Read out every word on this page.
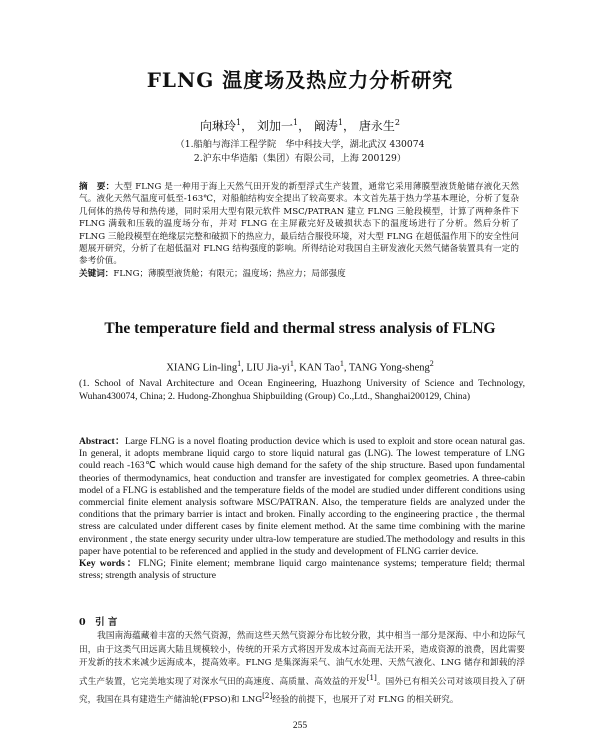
FLNG 温度场及热应力分析研究
向琳玲$^1$， 刘加一$^1$， 阚涛$^1$， 唐永生$^2$
（1.船舶与海洋工程学院　华中科技大学，湖北武汉 430074
2.沪东中华造船（集团）有限公司，上海 200129）
摘　要：大型 FLNG 是一种用于海上天然气田开发的新型浮式生产装置，通常它采用薄膜型液货舱储存液化天然气。液化天然气温度可低至-163℃，对船舶结构安全提出了较高要求。本文首先基于热力学基本理论，分析了复杂几何体的热传导和热传递，同时采用大型有限元软件 MSC/PATRAN 建立 FLNG 三舱段模型，计算了两种条件下 FLNG 满载和压载的温度场分布，并对 FLNG 在主屏蔽完好及破损状态下的温度场进行了分析。然后分析了 FLNG 三舱段模型在绝缘层完整和破损下的热应力，最后结合服役环境，对大型 FLNG 在超低温作用下的安全性问题展开研究，分析了在超低温对 FLNG 结构强度的影响。所得结论对我国自主研发液化天然气储备装置具有一定的参考价值。
关键词：FLNG；薄膜型液货舱；有限元；温度场；热应力；局部强度
The temperature field and thermal stress analysis of FLNG
XIANG Lin-ling$^1$, LIU Jia-$yi^1$, KAN Tao$^1$, TANG Yong-sheng$^2$
(1. School of Naval Architecture and Ocean Engineering, Huazhong University of Science and Technology, Wuhan430074, China; 2. Hudong-Zhonghua Shipbuilding (Group) Co.,Ltd., Shanghai200129, China)
Abstract：Large FLNG is a novel floating production device which is used to exploit and store ocean natural gas. In general, it adopts membrane liquid cargo to store liquid natural gas (LNG). The lowest temperature of LNG could reach -163℃ which would cause high demand for the safety of the ship structure. Based upon fundamental theories of thermodynamics, heat conduction and transfer are investigated for complex geometries. A three-cabin model of a FLNG is established and the temperature fields of the model are studied under different conditions using commercial finite element analysis software MSC/PATRAN. Also, the temperature fields are analyzed under the conditions that the primary barrier is intact and broken. Finally according to the engineering practice , the thermal stress are calculated under different cases by finite element method. At the same time combining with the marine environment , the state energy security under ultra-low temperature are studied.The methodology and results in this paper have potential to be referenced and applied in the study and development of FLNG carrier device.
Key words：FLNG; Finite element; membrane liquid cargo maintenance systems; temperature field; thermal stress; strength analysis of structure
0　引 言
我国南海蕴藏着丰富的天然气资源，然而这些天然气资源分布比较分散，其中相当一部分是深海、中小和边际气田，由于这类气田远离大陆且规模较小，传统的开采方式将因开发成本过高而无法开采，造成资源的浪费，因此需要开发新的技术来减少远海成本，提高效率。FLNG 是集深海采气、油气水处理、天然气液化、LNG 储存和卸载的浮式生产装置，它完美地实现了对深水气田的高速度、高质量、高效益的开发[1]。国外已有相关公司对该项目投入了研究，我国在具有建造生产储油轮(FPSO)和 LNG[2]经验的前提下，也展开了对 FLNG 的相关研究。
255
